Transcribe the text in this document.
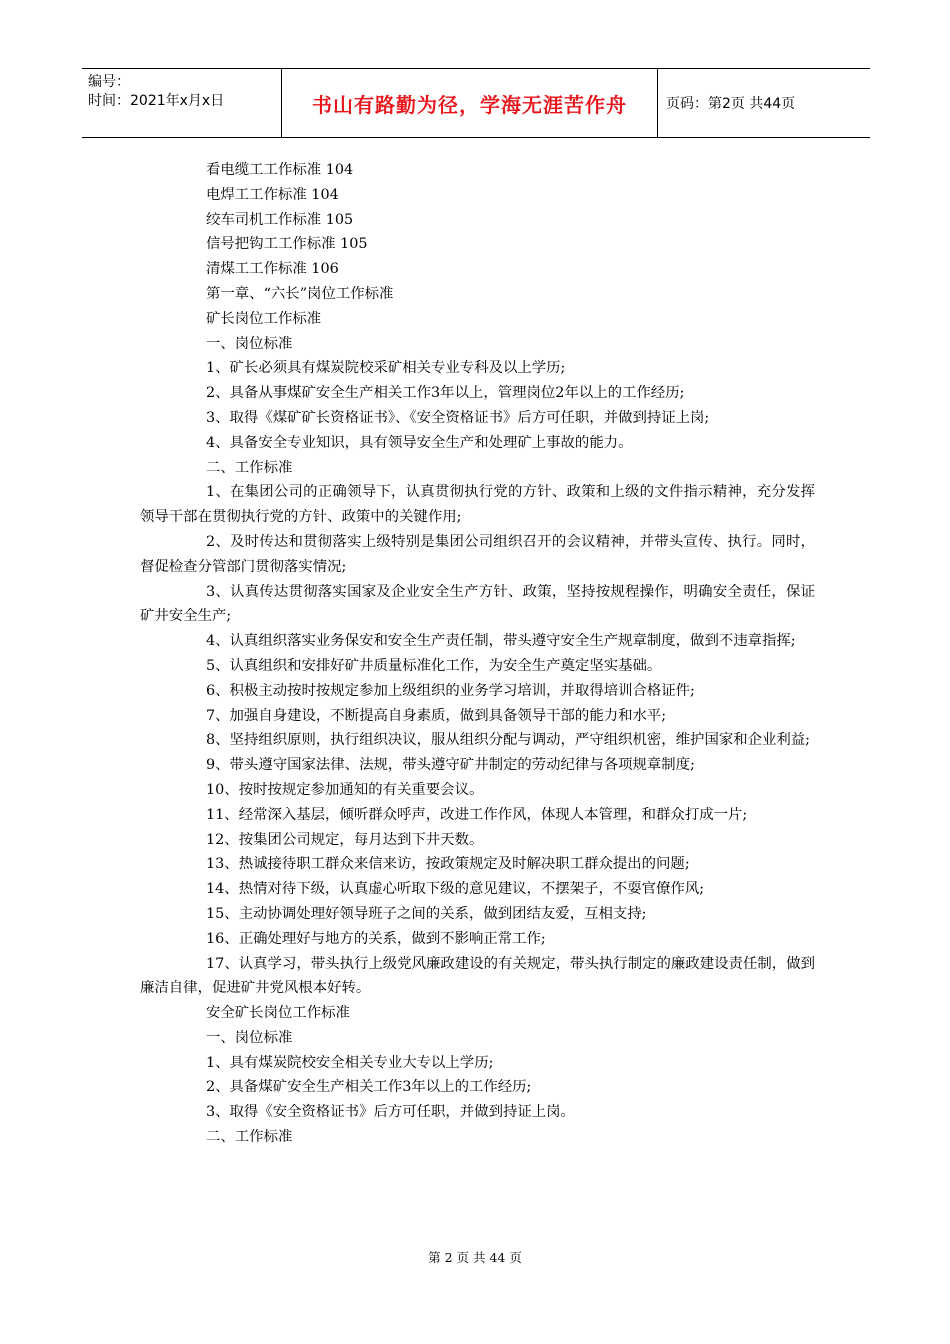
编号：
时间：2021年x月x日	书山有路勤为径，学海无涯苦作舟	页码：第2页 共44页

看电缆工工作标准 104

电焊工工作标准 104

绞车司机工作标准 105

信号把钩工工作标准 105

清煤工工作标准 106

第一章、“六长”岗位工作标准

矿长岗位工作标准

一、岗位标准

1、矿长必须具有煤炭院校采矿相关专业专科及以上学历;

2、具备从事煤矿安全生产相关工作3年以上，管理岗位2年以上的工作经历;

3、取得《煤矿矿长资格证书》、《安全资格证书》后方可任职，并做到持证上岗;

4、具备安全专业知识，具有领导安全生产和处理矿上事故的能力。

二、工作标准

1、在集团公司的正确领导下，认真贯彻执行党的方针、政策和上级的文件指示精神，充分发挥领导干部在贯彻执行党的方针、政策中的关键作用;

2、及时传达和贯彻落实上级特别是集团公司组织召开的会议精神，并带头宣传、执行。同时，督促检查分管部门贯彻落实情况;

3、认真传达贯彻落实国家及企业安全生产方针、政策，坚持按规程操作，明确安全责任，保证矿井安全生产;

4、认真组织落实业务保安和安全生产责任制，带头遵守安全生产规章制度，做到不违章指挥;

5、认真组织和安排好矿井质量标准化工作，为安全生产奠定坚实基础。

6、积极主动按时按规定参加上级组织的业务学习培训，并取得培训合格证件;

7、加强自身建设，不断提高自身素质，做到具备领导干部的能力和水平;

8、坚持组织原则，执行组织决议，服从组织分配与调动，严守组织机密，维护国家和企业利益;

9、带头遵守国家法律、法规，带头遵守矿井制定的劳动纪律与各项规章制度;

10、按时按规定参加通知的有关重要会议。

11、经常深入基层，倾听群众呼声，改进工作作风，体现人本管理，和群众打成一片;

12、按集团公司规定，每月达到下井天数。

13、热诚接待职工群众来信来访，按政策规定及时解决职工群众提出的问题;

14、热情对待下级，认真虚心听取下级的意见建议，不摆架子，不耍官僚作风;

15、主动协调处理好领导班子之间的关系，做到团结友爱，互相支持;

16、正确处理好与地方的关系，做到不影响正常工作;

17、认真学习，带头执行上级党风廉政建设的有关规定，带头执行制定的廉政建设责任制，做到廉洁自律，促进矿井党风根本好转。

安全矿长岗位工作标准

一、岗位标准

1、具有煤炭院校安全相关专业大专以上学历;

2、具备煤矿安全生产相关工作3年以上的工作经历;

3、取得《安全资格证书》后方可任职，并做到持证上岗。

二、工作标准

第 2 页 共 44 页
